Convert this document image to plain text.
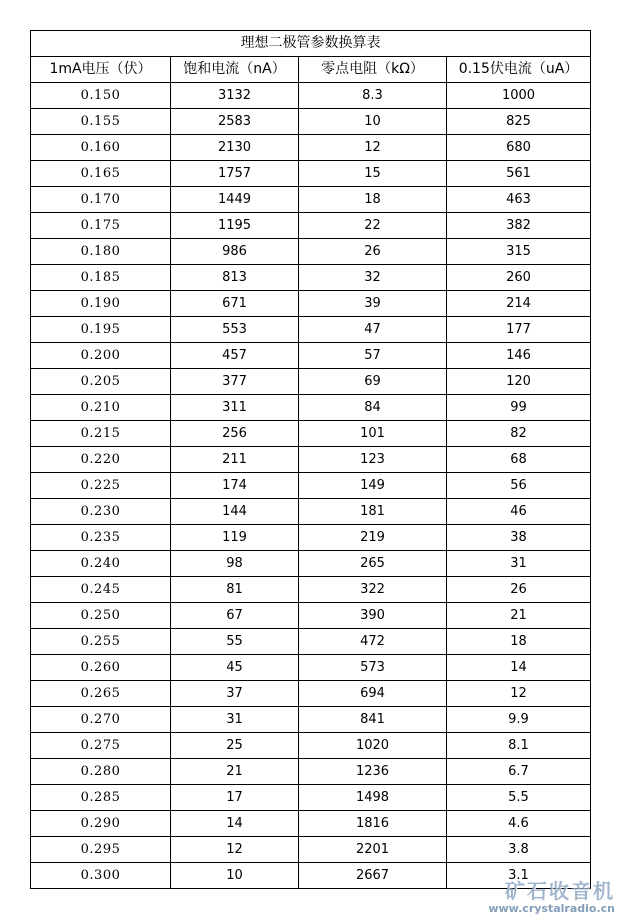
理想二极管参数换算表			
1mA电压（伏）	饱和电流（nA）	零点电阻（kΩ）	0.15伏电流（uA）
0.150	3132	8.3	1000
0.155	2583	10	825
0.160	2130	12	680
0.165	1757	15	561
0.170	1449	18	463
0.175	1195	22	382
0.180	986	26	315
0.185	813	32	260
0.190	671	39	214
0.195	553	47	177
0.200	457	57	146
0.205	377	69	120
0.210	311	84	99
0.215	256	101	82
0.220	211	123	68
0.225	174	149	56
0.230	144	181	46
0.235	119	219	38
0.240	98	265	31
0.245	81	322	26
0.250	67	390	21
0.255	55	472	18
0.260	45	573	14
0.265	37	694	12
0.270	31	841	9.9
0.275	25	1020	8.1
0.280	21	1236	6.7
0.285	17	1498	5.5
0.290	14	1816	4.6
0.295	12	2201	3.8
0.300	10	2667	3.1
矿石收音机
www.crystalradio.cn
